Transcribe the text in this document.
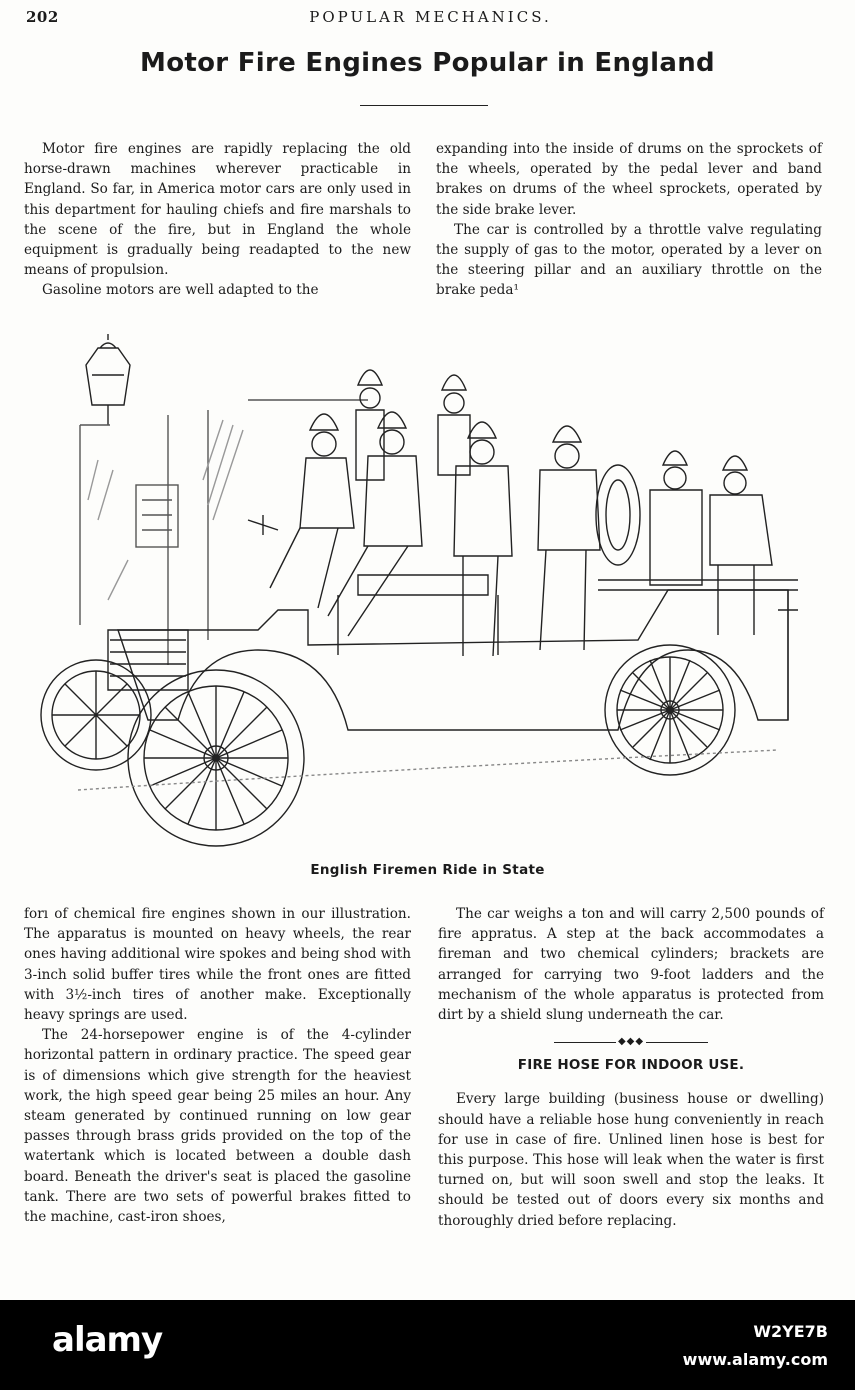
202	POPULAR MECHANICS.
Motor Fire Engines Popular in England

Motor fire engines are rapidly replacing the old horse-drawn machines wherever practicable in England. So far, in America motor cars are only used in this department for hauling chiefs and fire marshals to the scene of the fire, but in England the whole equipment is gradually being readapted to the new means of propulsion.

Gasoline motors are well adapted to the

expanding into the inside of drums on the sprockets of the wheels, operated by the pedal lever and band brakes on drums of the wheel sprockets, operated by the side brake lever.

The car is controlled by a throttle valve regulating the supply of gas to the motor, operated by a lever on the steering pillar and an auxiliary throttle on the brake peda¹

English Firemen Ride in State

forı of chemical fire engines shown in our illustration. The apparatus is mounted on heavy wheels, the rear ones having additional wire spokes and being shod with 3-inch solid buffer tires while the front ones are fitted with 3½-inch tires of another make. Exceptionally heavy springs are used.

The 24-horsepower engine is of the 4-cylinder horizontal pattern in ordinary practice. The speed gear is of dimensions which give strength for the heaviest work, the high speed gear being 25 miles an hour. Any steam generated by continued running on low gear passes through brass grids provided on the top of the watertank which is located between a double dash board. Beneath the driver's seat is placed the gasoline tank. There are two sets of powerful brakes fitted to the machine, cast-iron shoes,

The car weighs a ton and will carry 2,500 pounds of fire appratus. A step at the back accommodates a fireman and two chemical cylinders; brackets are arranged for carrying two 9-foot ladders and the mechanism of the whole apparatus is protected from dirt by a shield slung underneath the car.

◆◆◆
FIRE HOSE FOR INDOOR USE.

Every large building (business house or dwelling) should have a reliable hose hung conveniently in reach for use in case of fire. Unlined linen hose is best for this purpose. This hose will leak when the water is first turned on, but will soon swell and stop the leaks. It should be tested out of doors every six months and thoroughly dried before replacing.

alamy	W2YE7B
www.alamy.com
